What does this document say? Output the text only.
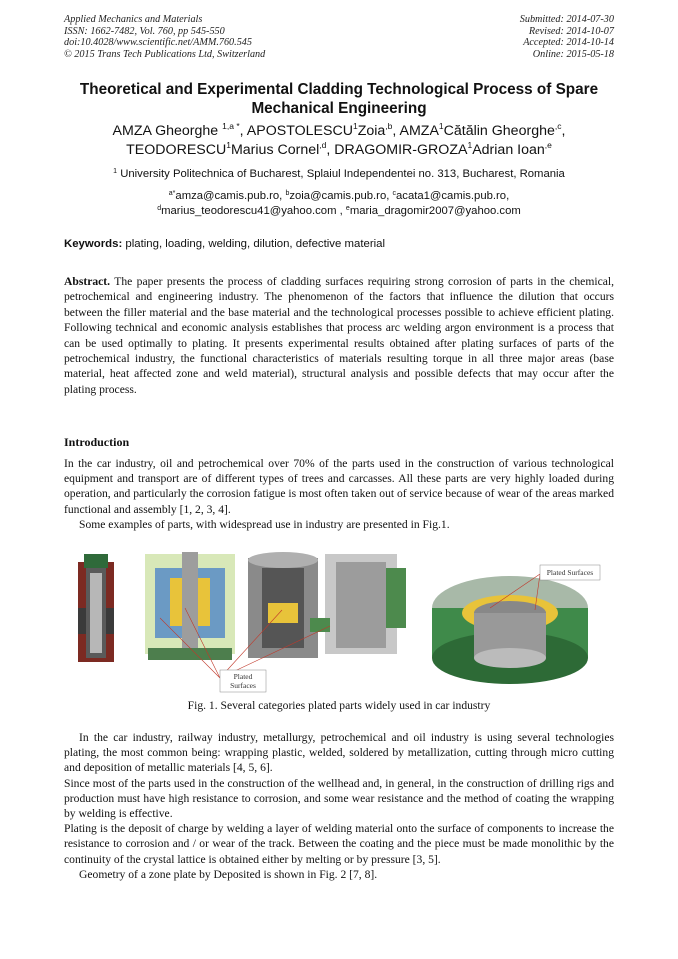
Applied Mechanics and Materials
ISSN: 1662-7482, Vol. 760, pp 545-550
doi:10.4028/www.scientific.net/AMM.760.545
© 2015 Trans Tech Publications Ltd, Switzerland
Submitted: 2014-07-30
Revised: 2014-10-07
Accepted: 2014-10-14
Online: 2015-05-18
Theoretical and Experimental Cladding Technological Process of Spare
Mechanical Engineering
AMZA Gheorghe $^{1,a *}$, APOSTOLESCU$^1$Zoia$^{,b}$, AMZA$^1$Cătălin Gheorghe$^{,c}$,
TEODORESCU$^1$Marius Cornel$^{,d}$, DRAGOMIR-GROZA$^1$Adrian Ioan$^{,e}$
$^1$ University Politechnica of Bucharest, Splaiul Independentei no. 313, Bucharest, Romania
$^{a*}$amza@camis.pub.ro, $^b$zoia@camis.pub.ro, $^c$acata1@camis.pub.ro,
$^d$marius_teodorescu41@yahoo.com , $^e$maria_dragomir2007@yahoo.com
Keywords: plating, loading, welding, dilution, defective material
Abstract. The paper presents the process of cladding surfaces requiring strong corrosion of parts in the chemical, petrochemical and engineering industry. The phenomenon of the factors that influence the dilution that occurs between the filler material and the base material and the technological processes possible to achieve efficient plating. Following technical and economic analysis establishes that process arc welding argon environment is a process that can be used optimally to plating. It presents experimental results obtained after plating surfaces of parts of the petrochemical industry, the functional characteristics of materials resulting torque in all three major areas (base material, heat affected zone and weld material), structural analysis and possible defects that may occur after the plating process.
Introduction

In the car industry, oil and petrochemical over 70% of the parts used in the construction of various technological equipment and transport are of different types of trees and carcasses. All these parts are very highly loaded during operation, and particularly the corrosion fatigue is most often taken out of service because of wear of the areas marked functional and assembly [1, 2, 3, 4].

Some examples of parts, with widespread use in industry are presented in Fig.1.

Plated
Surfaces
Plated Surfaces
Fig. 1. Several categories plated parts widely used in car industry

In the car industry, railway industry, metallurgy, petrochemical and oil industry is using several technologies plating, the most common being: wrapping plastic, welded, soldered by metallization, cutting through micro cutting and deposition of metallic materials [4, 5, 6].

Since most of the parts used in the construction of the wellhead and, in general, in the construction of drilling rigs and production must have high resistance to corrosion, and some wear resistance and the method of coating the wrapping by welding is effective.

Plating is the deposit of charge by welding a layer of welding material onto the surface of components to increase the resistance to corrosion and / or wear of the track. Between the coating and the piece must be made monolithic by the continuity of the crystal lattice is obtained either by melting or by pressure [3, 5].

Geometry of a zone plate by Deposited is shown in Fig. 2 [7, 8].
